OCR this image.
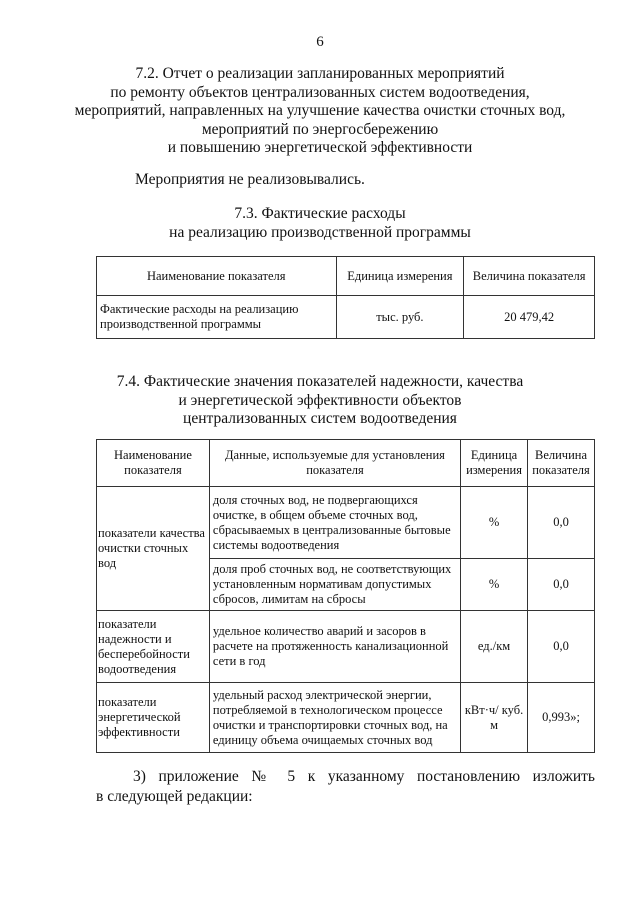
6
7.2. Отчет о реализации запланированных мероприятий
по ремонту объектов централизованных систем водоотведения,
мероприятий, направленных на улучшение качества очистки сточных вод,
мероприятий по энергосбережению
и повышению энергетической эффективности
Мероприятия не реализовывались.
7.3. Фактические расходы
на реализацию производственной программы
Наименование показателя	Единица измерения	Величина показателя
Фактические расходы на реализацию производственной программы	тыс. руб.	20 479,42
7.4. Фактические значения показателей надежности, качества
и энергетической эффективности объектов
централизованных систем водоотведения
Наименование показателя	Данные, используемые для установления показателя	Единица измерения	Величина показателя
показатели качества очистки сточных вод	доля сточных вод, не подвергающихся очистке, в общем объеме сточных вод, сбрасываемых в централизованные бытовые системы водоотведения	%	0,0
	доля проб сточных вод, не соответствующих установленным нормативам допустимых сбросов, лимитам на сбросы	%	0,0
показатели надежности и бесперебойности водоотведения	удельное количество аварий и засоров в расчете на протяженность канализационной сети в год	ед./км	0,0
показатели энергетической эффективности	удельный расход электрической энергии, потребляемой в технологическом процессе очистки и транспортировки сточных вод, на единицу объема очищаемых сточных вод	кВт·ч/ куб. м	0,993»;
3) приложение № 5 к указанному постановлению изложить
в следующей редакции:
